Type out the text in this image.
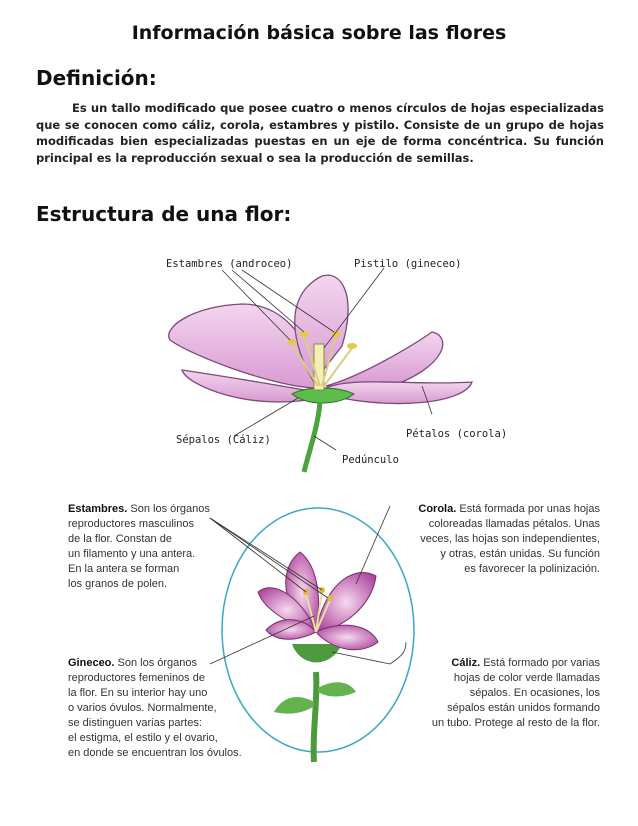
Información básica sobre las flores
Definición:
Es un tallo modificado que posee cuatro o menos círculos de hojas especializadas que se conocen como cáliz, corola, estambres y pistilo. Consiste de un grupo de hojas modificadas bien especializadas puestas en un eje de forma concéntrica. Su función principal es la reproducción sexual o sea la producción de semillas.
Estructura de una flor:
Estambres (androceo)	Pistilo (gineceo)
Pétalos (corola)
Sépalos (Cáliz)
Pedúnculo
Estambres. Son los órganos
reproductores masculinos
de la flor. Constan de
un filamento y una antera.
En la antera se forman
los granos de polen.
Corola. Está formada por unas hojas
coloreadas llamadas pétalos. Unas
veces, las hojas son independientes,
y otras, están unidas. Su función
es favorecer la polinización.
Gineceo. Son los órganos
reproductores femeninos de
la flor. En su interior hay uno
o varios óvulos. Normalmente,
se distinguen varias partes:
el estigma, el estilo y el ovario,
en donde se encuentran los óvulos.
Cáliz. Está formado por varias
hojas de color verde llamadas
sépalos. En ocasiones, los
sépalos están unidos formando
un tubo. Protege al resto de la flor.
